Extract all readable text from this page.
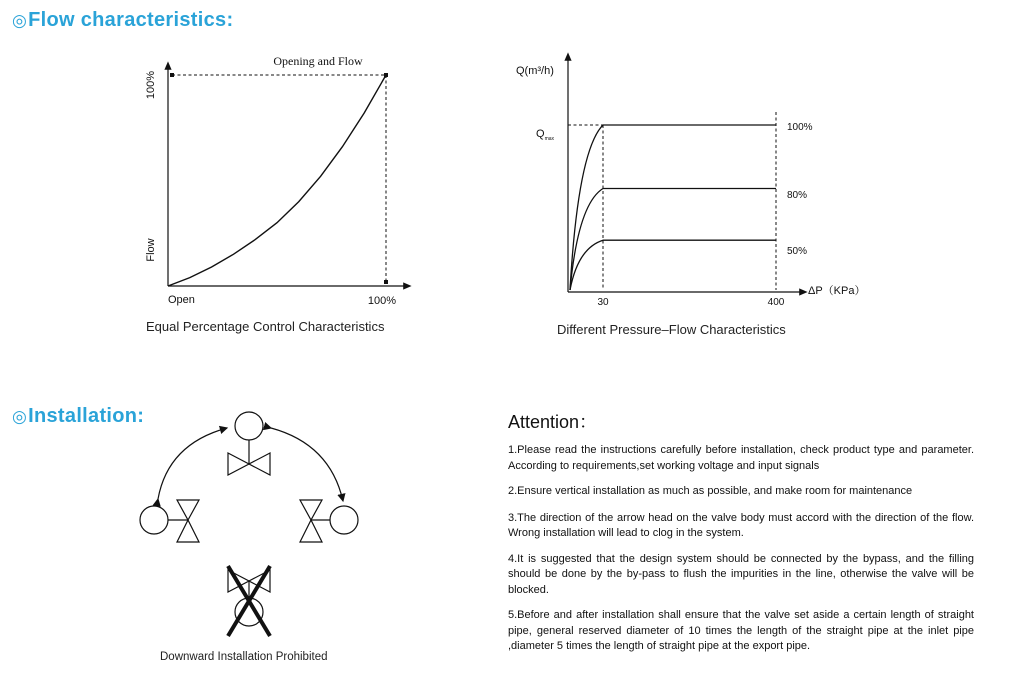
◎Flow characteristics:
Opening and Flow
100%
Flow
Open	100%
Equal Percentage Control Characteristics
Q(m³/h)
$Q_{max}$
100%
80%
50%
30	400
ΔP（KPa）
Different Pressure–Flow Characteristics
◎Installation:
Downward Installation Prohibited
Attention：

1.Please read the instructions carefully before installation, check product type and parameter. According to requirements,set working voltage and input signals

2.Ensure vertical installation as much as possible, and make room for maintenance

3.The direction of the arrow head on the valve body must accord with the direction of the flow. Wrong installation will lead to clog in the system.

4.It is suggested that the design system should be connected by the bypass, and the filling should be done by the by-pass to flush the impurities in the line, otherwise the valve will be blocked.

5.Before and after installation shall ensure that the valve set aside a certain length of straight pipe, general reserved diameter of 10 times the length of the straight pipe at the inlet pipe ,diameter 5 times the length of straight pipe at the export pipe.
